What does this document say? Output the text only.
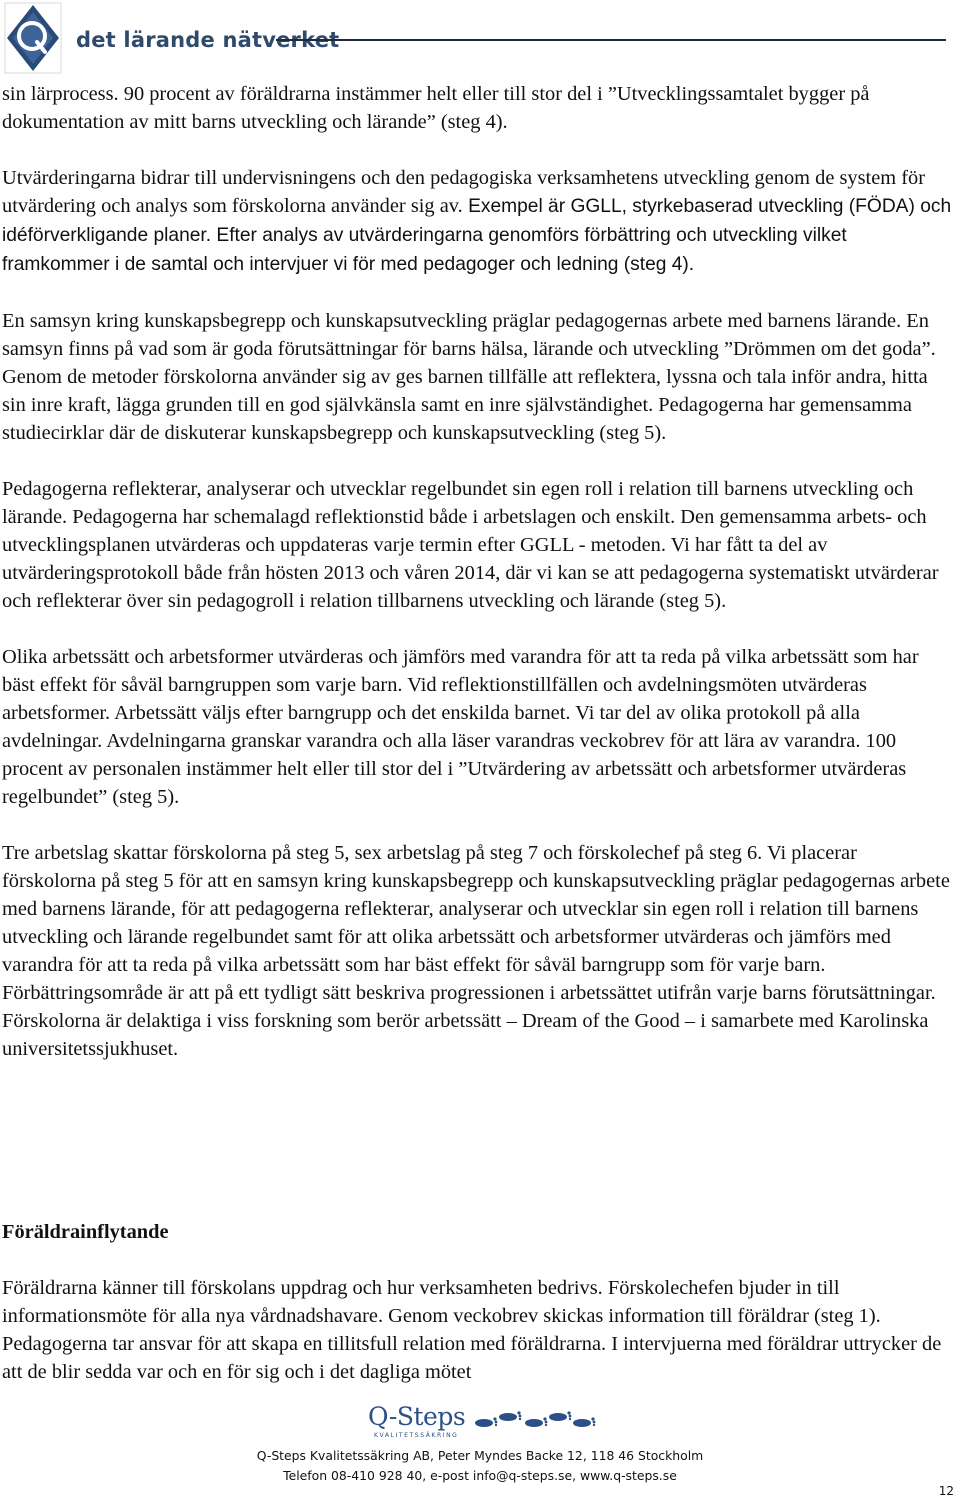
det lärande nätverket

sin lärprocess. 90 procent av föräldrarna instämmer helt eller till stor del i ”Utvecklingssamtalet bygger på dokumentation av mitt barns utveckling och lärande” (steg 4).

Utvärderingarna bidrar till undervisningens och den pedagogiska verksamhetens utveckling genom de system för utvärdering och analys som förskolorna använder sig av. Exempel är GGLL, styrkebaserad utveckling (FÖDA) och idéförverkligande planer. Efter analys av utvärderingarna genomförs förbättring och utveckling vilket framkommer i de samtal och intervjuer vi för med pedagoger och ledning (steg 4).

En samsyn kring kunskapsbegrepp och kunskapsutveckling präglar pedagogernas arbete med barnens lärande. En samsyn finns på vad som är goda förutsättningar för barns hälsa, lärande och utveckling ”Drömmen om det goda”. Genom de metoder förskolorna använder sig av ges barnen tillfälle att reflektera, lyssna och tala inför andra, hitta sin inre kraft, lägga grunden till en god självkänsla samt en inre självständighet. Pedagogerna har gemensamma studiecirklar där de diskuterar kunskapsbegrepp och kunskapsutveckling (steg 5).

Pedagogerna reflekterar, analyserar och utvecklar regelbundet sin egen roll i relation till barnens utveckling och lärande. Pedagogerna har schemalagd reflektionstid både i arbetslagen och enskilt. Den gemensamma arbets- och utvecklingsplanen utvärderas och uppdateras varje termin efter GGLL - metoden. Vi har fått ta del av utvärderingsprotokoll både från hösten 2013 och våren 2014, där vi kan se att pedagogerna systematiskt utvärderar och reflekterar över sin pedagogroll i relation tillbarnens utveckling och lärande (steg 5).

Olika arbetssätt och arbetsformer utvärderas och jämförs med varandra för att ta reda på vilka arbetssätt som har bäst effekt för såväl barngruppen som varje barn. Vid reflektionstillfällen och avdelningsmöten utvärderas arbetsformer. Arbetssätt väljs efter barngrupp och det enskilda barnet. Vi tar del av olika protokoll på alla avdelningar. Avdelningarna granskar varandra och alla läser varandras veckobrev för att lära av varandra. 100 procent av personalen instämmer helt eller till stor del i ”Utvärdering av arbetssätt och arbetsformer utvärderas regelbundet” (steg 5).

Tre arbetslag skattar förskolorna på steg 5, sex arbetslag på steg 7 och förskolechef på steg 6. Vi placerar förskolorna på steg 5 för att en samsyn kring kunskapsbegrepp och kunskapsutveckling präglar pedagogernas arbete med barnens lärande, för att pedagogerna reflekterar, analyserar och utvecklar sin egen roll i relation till barnens utveckling och lärande regelbundet samt för att olika arbetssätt och arbetsformer utvärderas och jämförs med varandra för att ta reda på vilka arbetssätt som har bäst effekt för såväl barngrupp som för varje barn. Förbättringsområde är att på ett tydligt sätt beskriva progressionen i arbetssättet utifrån varje barns förutsättningar. Förskolorna är delaktiga i viss forskning som berör arbetssätt – Dream of the Good – i samarbete med Karolinska universitetssjukhuset.

Föräldrainflytande

Föräldrarna känner till förskolans uppdrag och hur verksamheten bedrivs. Förskolechefen bjuder in till informationsmöte för alla nya vårdnadshavare. Genom veckobrev skickas information till föräldrar (steg 1). Pedagogerna tar ansvar för att skapa en tillitsfull relation med föräldrarna. I intervjuerna med föräldrar uttrycker de att de blir sedda var och en för sig och i det dagliga mötet

Q-Steps
KVALITETSSÄKRING
Q-Steps Kvalitetssäkring AB, Peter Myndes Backe 12, 118 46 Stockholm
Telefon 08-410 928 40, e-post info@q-steps.se, www.q-steps.se
12
